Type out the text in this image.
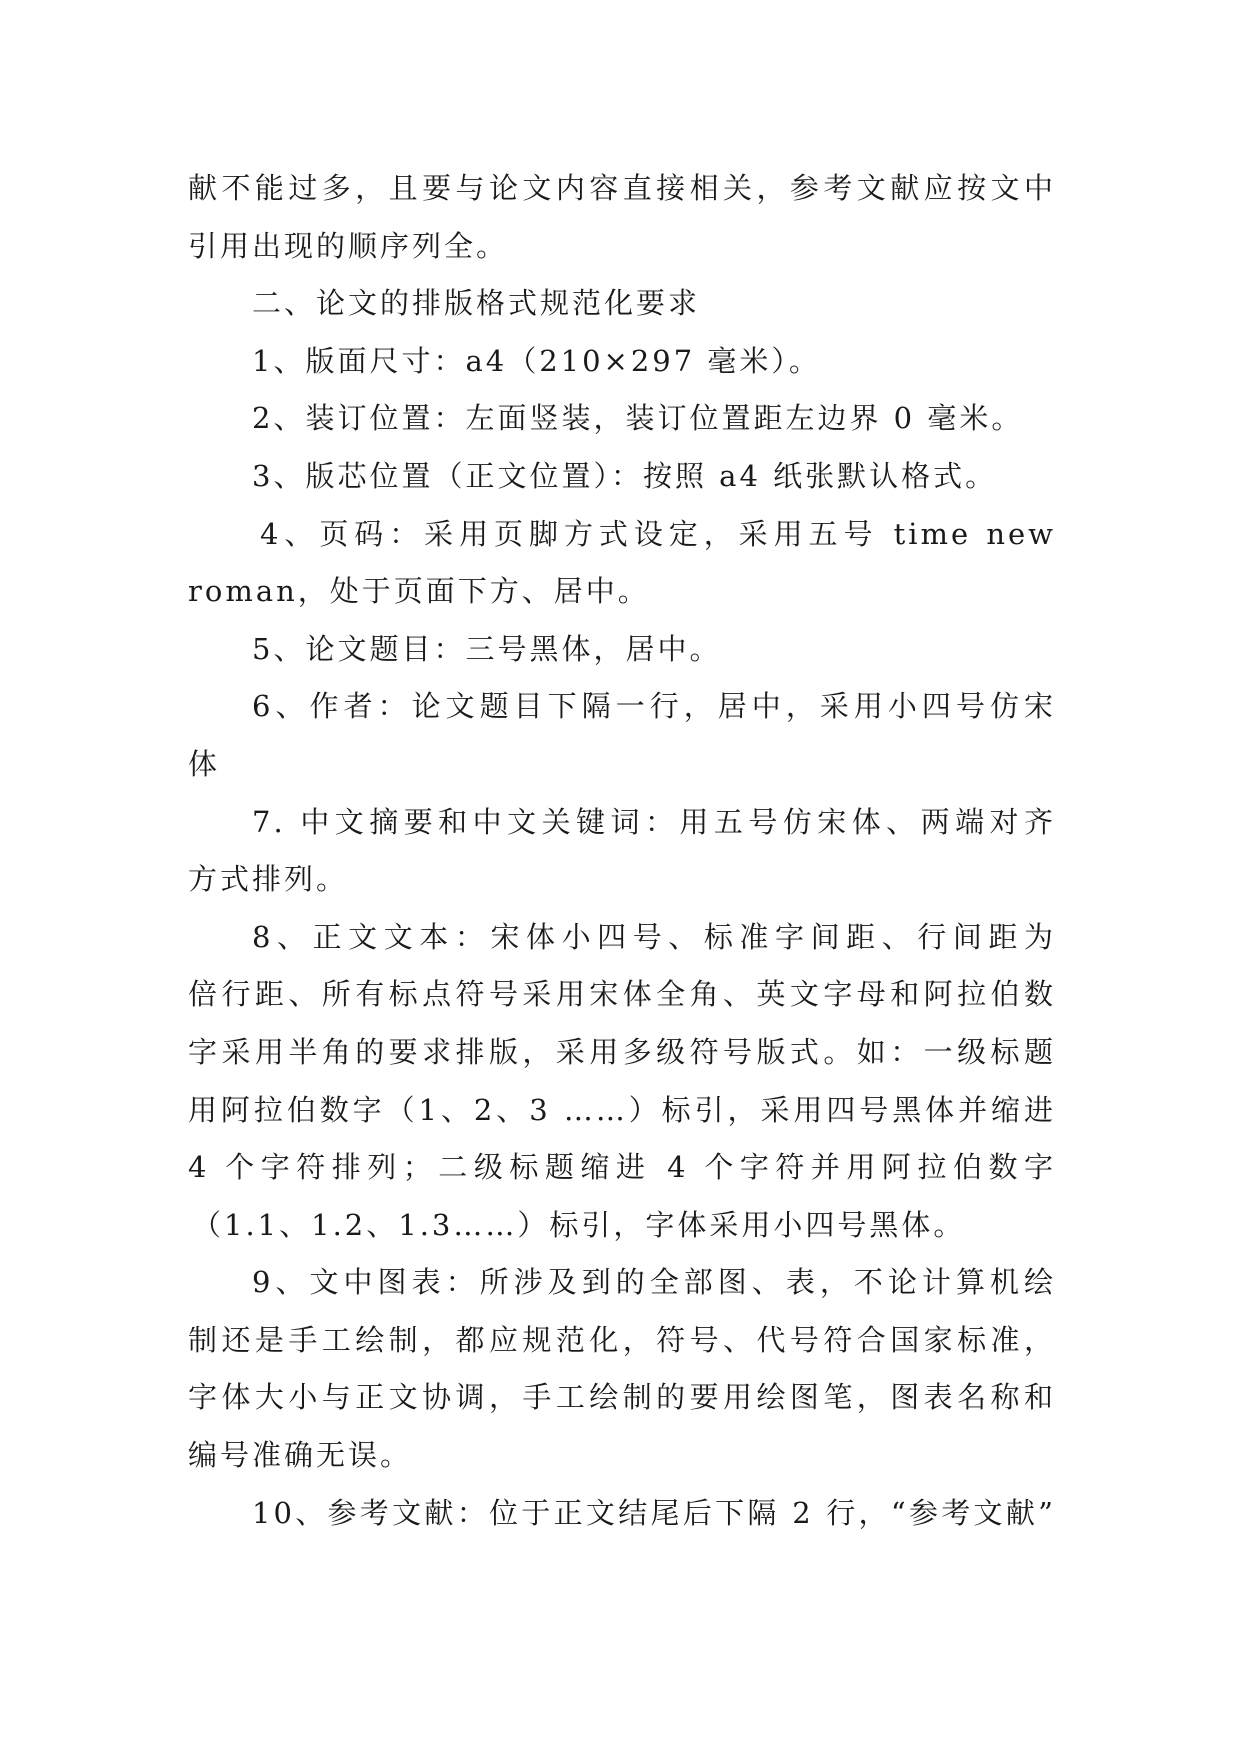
献不能过多，且要与论文内容直接相关，参考文献应按文中
引用出现的顺序列全。
二、论文的排版格式规范化要求
1、版面尺寸：a4（210×297 毫米）。
2、装订位置：左面竖装，装订位置距左边界 0 毫米。
3、版芯位置（正文位置）：按照 a4 纸张默认格式。
4、页码：采用页脚方式设定，采用五号 time new
roman，处于页面下方、居中。
5、论文题目：三号黑体，居中。
6、作者：论文题目下隔一行，居中，采用小四号仿宋
体
7. 中文摘要和中文关键词：用五号仿宋体、两端对齐
方式排列。
8、正文文本：宋体小四号、标准字间距、行间距为
倍行距、所有标点符号采用宋体全角、英文字母和阿拉伯数
字采用半角的要求排版，采用多级符号版式。如：一级标题
用阿拉伯数字（1、2、3 ……）标引，采用四号黑体并缩进
4 个字符排列；二级标题缩进 4 个字符并用阿拉伯数字
（1.1、1.2、1.3……）标引，字体采用小四号黑体。
9、文中图表：所涉及到的全部图、表，不论计算机绘
制还是手工绘制，都应规范化，符号、代号符合国家标准，
字体大小与正文协调，手工绘制的要用绘图笔，图表名称和
编号准确无误。
10、参考文献：位于正文结尾后下隔 2 行，“参考文献”
